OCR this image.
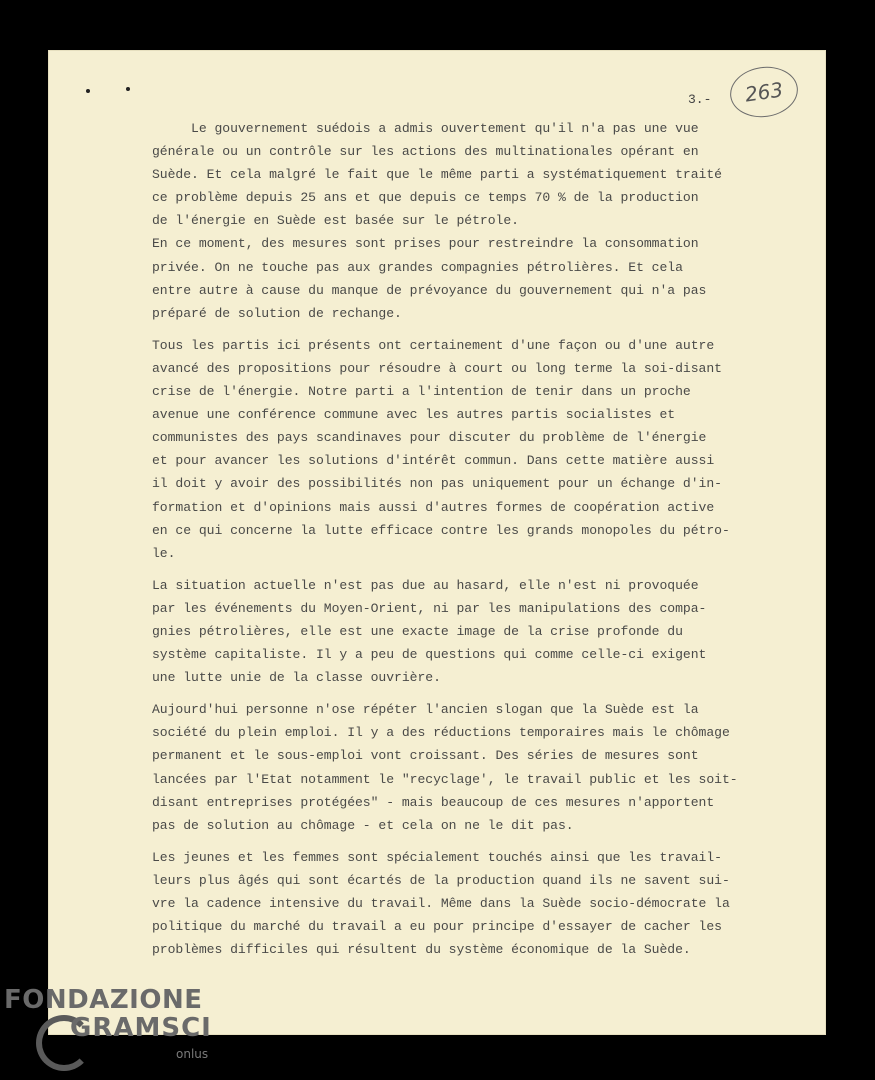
3.-	263
Le gouvernement suédois a admis ouvertement qu'il n'a pas une vue
générale ou un contrôle sur les actions des multinationales opérant en
Suède. Et cela malgré le fait que le même parti a systématiquement traité
ce problème depuis 25 ans et que depuis ce temps 70 % de la production
de l'énergie en Suède est basée sur le pétrole.
En ce moment, des mesures sont prises pour restreindre la consommation
privée. On ne touche pas aux grandes compagnies pétrolières. Et cela
entre autre à cause du manque de prévoyance du gouvernement qui n'a pas
préparé de solution de rechange.
Tous les partis ici présents ont certainement d'une façon ou d'une autre
avancé des propositions pour résoudre à court ou long terme la soi-disant
crise de l'énergie. Notre parti a l'intention de tenir dans un proche
avenue une conférence commune avec les autres partis socialistes et
communistes des pays scandinaves pour discuter du problème de l'énergie
et pour avancer les solutions d'intérêt commun. Dans cette matière aussi
il doit y avoir des possibilités non pas uniquement pour un échange d'in-
formation et d'opinions mais aussi d'autres formes de coopération active
en ce qui concerne la lutte efficace contre les grands monopoles du pétro-
le.
La situation actuelle n'est pas due au hasard, elle n'est ni provoquée
par les événements du Moyen-Orient, ni par les manipulations des compa-
gnies pétrolières, elle est une exacte image de la crise profonde du
système capitaliste. Il y a peu de questions qui comme celle-ci exigent
une lutte unie de la classe ouvrière.
Aujourd'hui personne n'ose répéter l'ancien slogan que la Suède est la
société du plein emploi. Il y a des réductions temporaires mais le chômage
permanent et le sous-emploi vont croissant. Des séries de mesures sont
lancées par l'Etat notamment le "recyclage', le travail public et les soit-
disant entreprises protégées" - mais beaucoup de ces mesures n'apportent
pas de solution au chômage - et cela on ne le dit pas.
Les jeunes et les femmes sont spécialement touchés ainsi que les travail-
leurs plus âgés qui sont écartés de la production quand ils ne savent sui-
vre la cadence intensive du travail. Même dans la Suède socio-démocrate la
politique du marché du travail a eu pour principe d'essayer de cacher les
problèmes difficiles qui résultent du système économique de la Suède.
FONDAZIONE
GRAMSCI
onlus
